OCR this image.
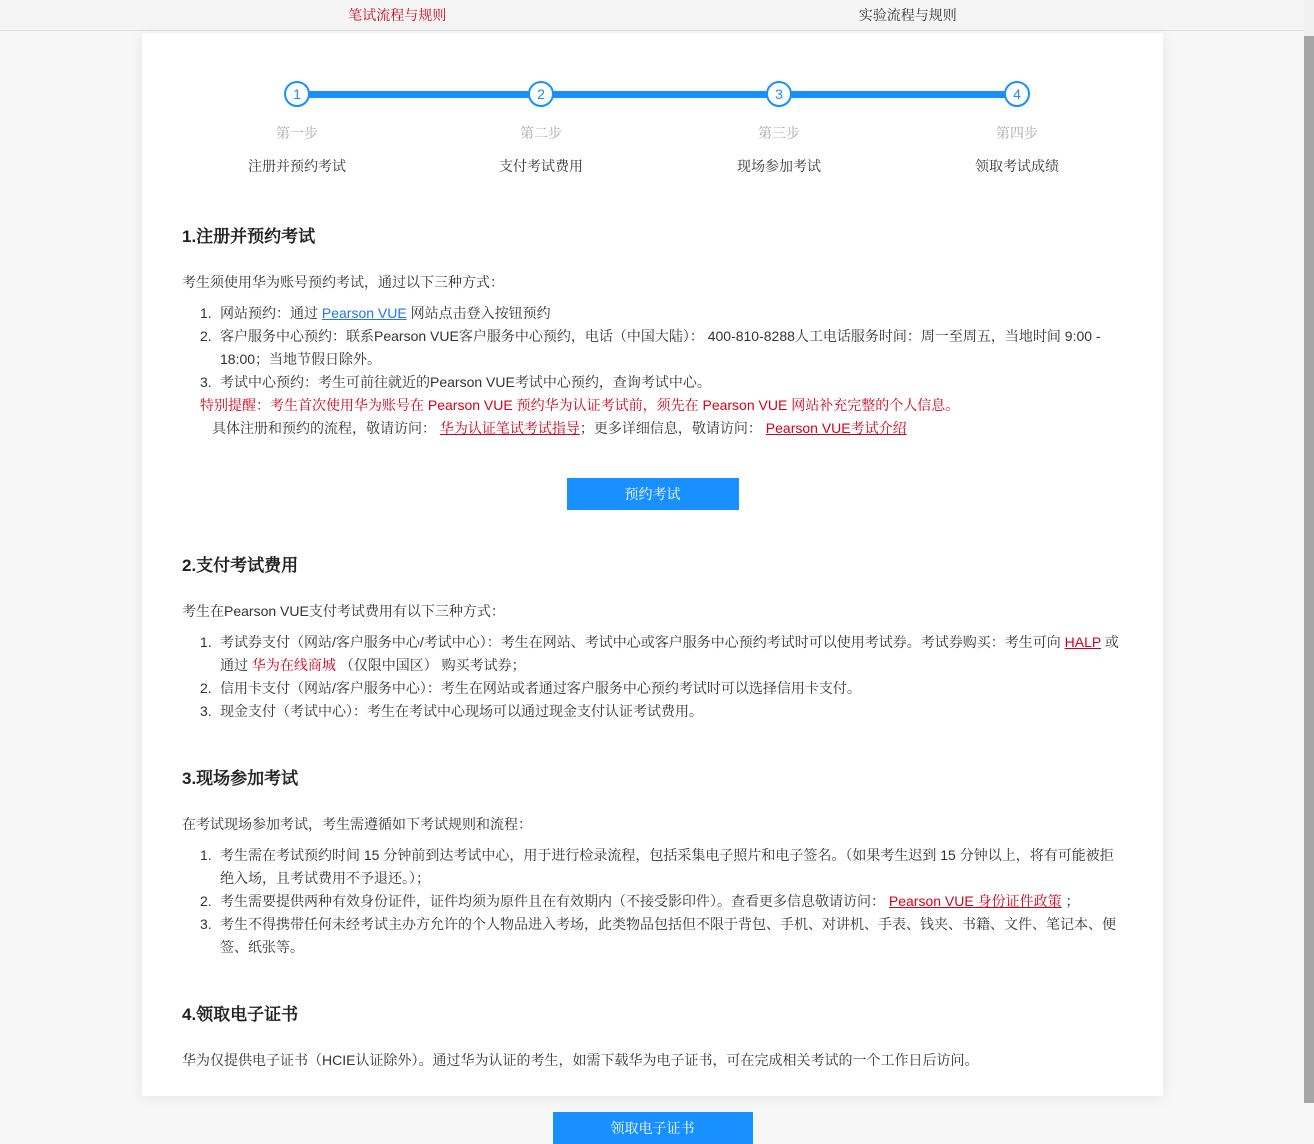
笔试流程与规则	实验流程与规则
1
第一步
注册并预约考试
2
第二步
支付考试费用
3
第三步
现场参加考试
4
第四步
领取考试成绩
1.注册并预约考试

考生须使用华为账号预约考试，通过以下三种方式：

1. 网站预约：通过 Pearson VUE 网站点击登入按钮预约
2. 客户服务中心预约：联系Pearson VUE客户服务中心预约，电话（中国大陆）： 400-810-8288人工电话服务时间：周一至周五，当地时间 9:00 - 18:00；当地节假日除外。
3. 考试中心预约：考生可前往就近的Pearson VUE考试中心预约，查询考试中心。
特别提醒：考生首次使用华为账号在 Pearson VUE 预约华为认证考试前，须先在 Pearson VUE 网站补充完整的个人信息。
具体注册和预约的流程，敬请访问： 华为认证笔试考试指导；更多详细信息，敬请访问： Pearson VUE考试介绍
预约考试
2.支付考试费用

考生在Pearson VUE支付考试费用有以下三种方式：

1. 考试券支付（网站/客户服务中心/考试中心）：考生在网站、考试中心或客户服务中心预约考试时可以使用考试券。考试券购买：考生可向 HALP 或通过 华为在线商城 （仅限中国区） 购买考试券；
2. 信用卡支付（网站/客户服务中心）：考生在网站或者通过客户服务中心预约考试时可以选择信用卡支付。
3. 现金支付（考试中心）：考生在考试中心现场可以通过现金支付认证考试费用。
3.现场参加考试

在考试现场参加考试，考生需遵循如下考试规则和流程：

1. 考生需在考试预约时间 15 分钟前到达考试中心，用于进行检录流程，包括采集电子照片和电子签名。（如果考生迟到 15 分钟以上，将有可能被拒绝入场，且考试费用不予退还。）；
2. 考生需要提供两种有效身份证件，证件均须为原件且在有效期内（不接受影印件）。查看更多信息敬请访问： Pearson VUE 身份证件政策 ；
3. 考生不得携带任何未经考试主办方允许的个人物品进入考场，此类物品包括但不限于背包、手机、对讲机、手表、钱夹、书籍、文件、笔记本、便签、纸张等。
4.领取电子证书

华为仅提供电子证书（HCIE认证除外）。通过华为认证的考生，如需下载华为电子证书，可在完成相关考试的一个工作日后访问。

领取电子证书
